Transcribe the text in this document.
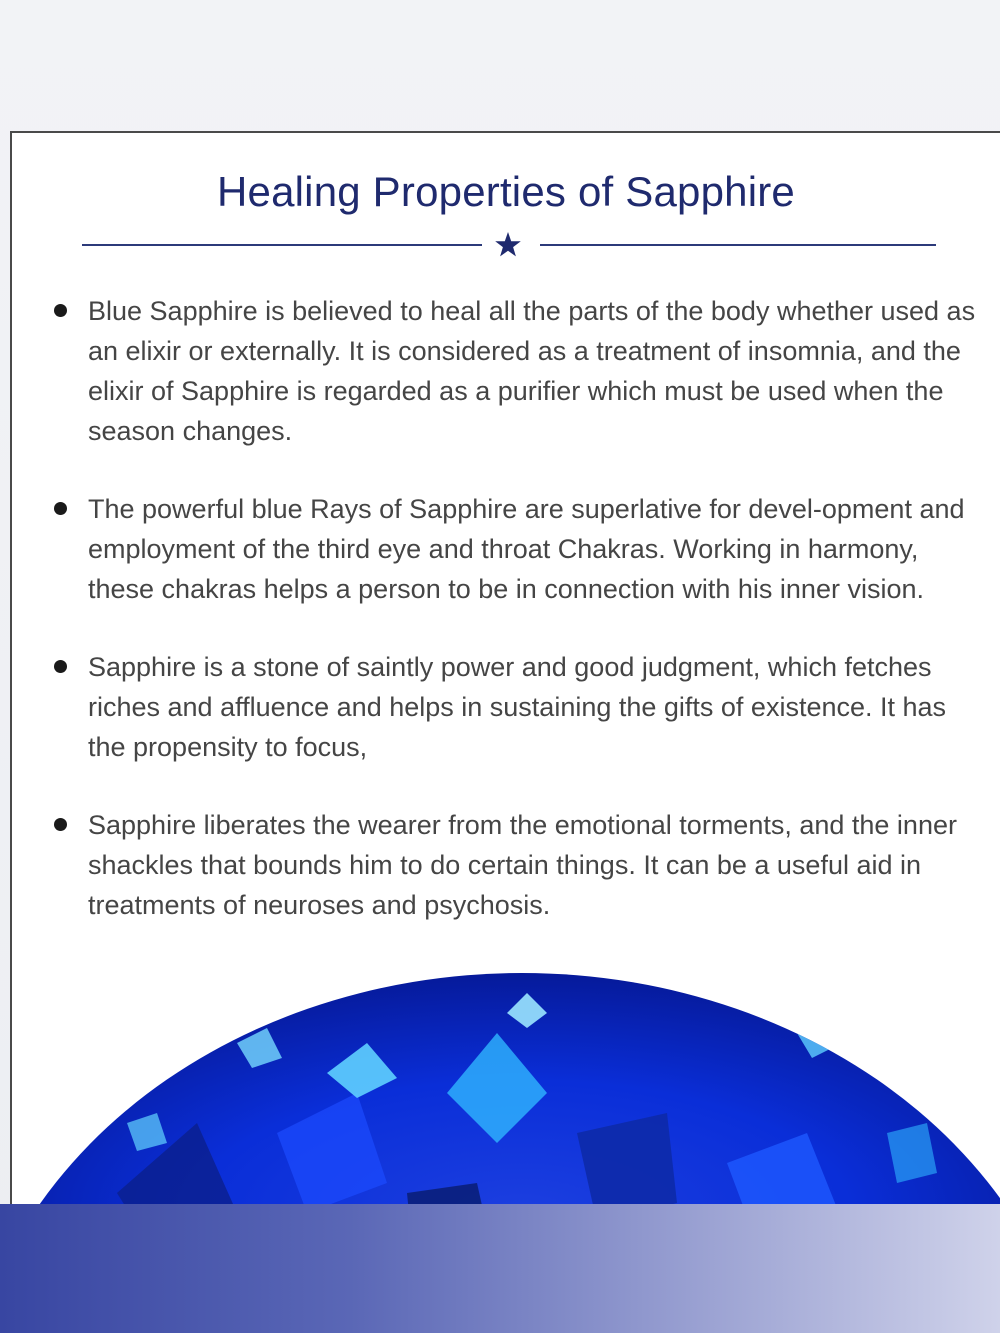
Healing Properties of Sapphire
Blue Sapphire is believed to heal all the parts of the body whether used as an elixir or externally. It is considered as a treatment of insomnia, and the elixir of Sapphire is regarded as a purifier which must be used when the season changes.
The powerful blue Rays of Sapphire are superlative for devel-opment and employment of the third eye and throat Chakras. Working in harmony, these chakras helps a person to be in connection with his inner vision.
Sapphire is a stone of saintly power and good judgment, which fetches riches and affluence and helps in sustaining the gifts of existence. It has the propensity to focus,
Sapphire liberates the wearer from the emotional torments, and the inner shackles that bounds him to do certain things. It can be a useful aid in treatments of neuroses and psychosis.
